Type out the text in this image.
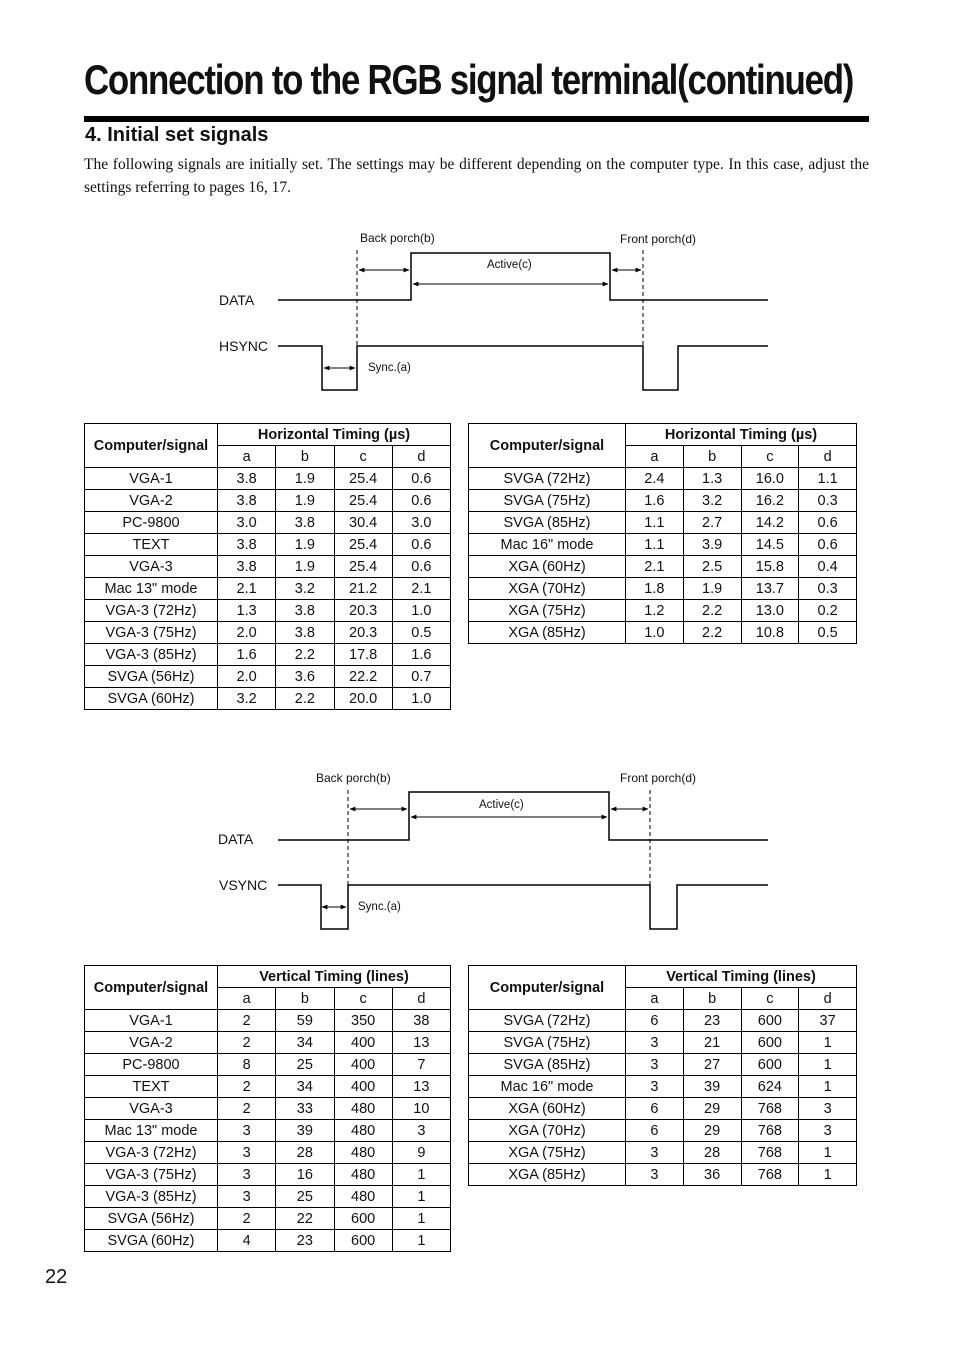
Connection to the RGB signal terminal(continued)
4. Initial set signals

The following signals are initially set. The settings may be different depending on the computer type. In this case, adjust the settings referring to pages 16, 17.

Back porch(b)	Front porch(d)
Active(c)
DATA
HSYNC
Sync.(a)
Computer/signal	Horizontal Timing (µs)			
	a	b	c	d
VGA-1	3.8	1.9	25.4	0.6
VGA-2	3.8	1.9	25.4	0.6
PC-9800	3.0	3.8	30.4	3.0
TEXT	3.8	1.9	25.4	0.6
VGA-3	3.8	1.9	25.4	0.6
Mac 13" mode	2.1	3.2	21.2	2.1
VGA-3 (72Hz)	1.3	3.8	20.3	1.0
VGA-3 (75Hz)	2.0	3.8	20.3	0.5
VGA-3 (85Hz)	1.6	2.2	17.8	1.6
SVGA (56Hz)	2.0	3.6	22.2	0.7
SVGA (60Hz)	3.2	2.2	20.0	1.0
Computer/signal	Horizontal Timing (µs)			
	a	b	c	d
SVGA (72Hz)	2.4	1.3	16.0	1.1
SVGA (75Hz)	1.6	3.2	16.2	0.3
SVGA (85Hz)	1.1	2.7	14.2	0.6
Mac 16" mode	1.1	3.9	14.5	0.6
XGA (60Hz)	2.1	2.5	15.8	0.4
XGA (70Hz)	1.8	1.9	13.7	0.3
XGA (75Hz)	1.2	2.2	13.0	0.2
XGA (85Hz)	1.0	2.2	10.8	0.5
Back porch(b)	Front porch(d)
Active(c)
DATA
VSYNC
Sync.(a)
Computer/signal	Vertical Timing (lines)			
	a	b	c	d
VGA-1	2	59	350	38
VGA-2	2	34	400	13
PC-9800	8	25	400	7
TEXT	2	34	400	13
VGA-3	2	33	480	10
Mac 13" mode	3	39	480	3
VGA-3 (72Hz)	3	28	480	9
VGA-3 (75Hz)	3	16	480	1
VGA-3 (85Hz)	3	25	480	1
SVGA (56Hz)	2	22	600	1
SVGA (60Hz)	4	23	600	1
Computer/signal	Vertical Timing (lines)			
	a	b	c	d
SVGA (72Hz)	6	23	600	37
SVGA (75Hz)	3	21	600	1
SVGA (85Hz)	3	27	600	1
Mac 16" mode	3	39	624	1
XGA (60Hz)	6	29	768	3
XGA (70Hz)	6	29	768	3
XGA (75Hz)	3	28	768	1
XGA (85Hz)	3	36	768	1
22
